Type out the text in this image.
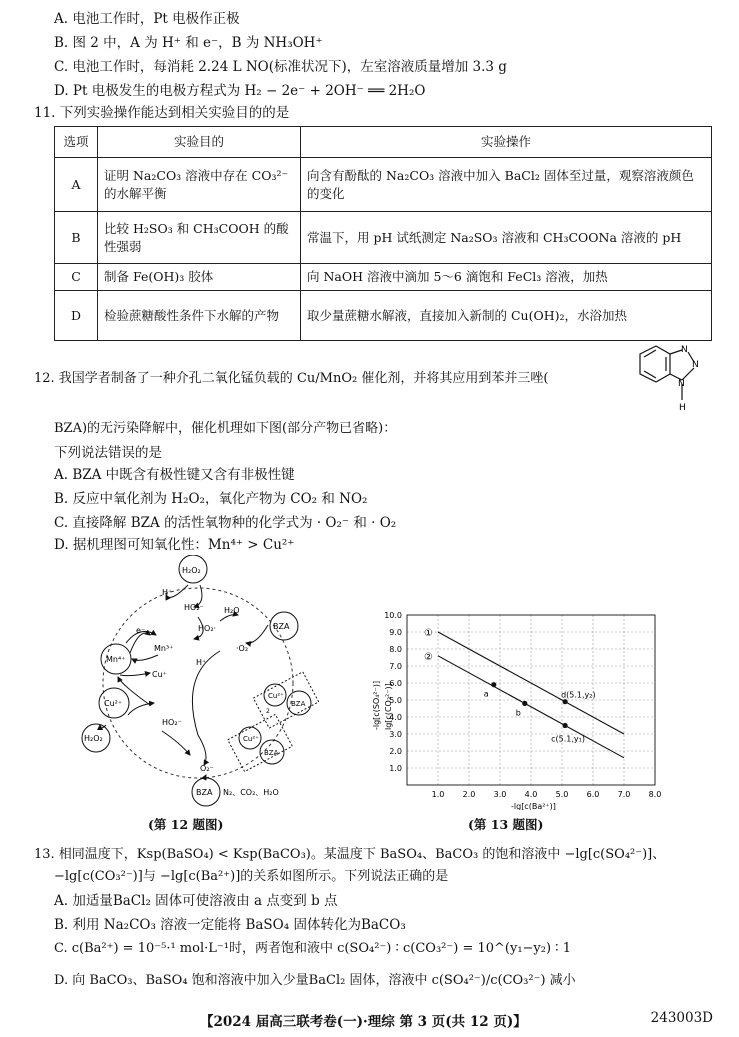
A. 电池工作时，Pt 电极作正极
B. 图 2 中，A 为 H⁺ 和 e⁻，B 为 NH₃OH⁺
C. 电池工作时，每消耗 2.24 L NO(标准状况下)，左室溶液质量增加 3.3 g
D. Pt 电极发生的电极方程式为 H₂ − 2e⁻ + 2OH⁻ ══ 2H₂O
11. 下列实验操作能达到相关实验目的的是
选项	实验目的	实验操作
A	证明 Na₂CO₃ 溶液中存在 CO₃²⁻ 的水解平衡	向含有酚酞的 Na₂CO₃ 溶液中加入 BaCl₂ 固体至过量，观察溶液颜色的变化
B	比较 H₂SO₃ 和 CH₃COOH 的酸性强弱	常温下，用 pH 试纸测定 Na₂SO₃ 溶液和 CH₃COONa 溶液的 pH
C	制备 Fe(OH)₃ 胶体	向 NaOH 溶液中滴加 5～6 滴饱和 FeCl₃ 溶液，加热
D	检验蔗糖酸性条件下水解的产物	取少量蔗糖水解液，直接加入新制的 Cu(OH)₂，水浴加热
12. 我国学者制备了一种介孔二氧化锰负载的 Cu/MnO₂ 催化剂，并将其应用到苯并三唑(
N
N
N
H
BZA)的无污染降解中，催化机理如下图(部分产物已省略)：
下列说法错误的是
A. BZA 中既含有极性键又含有非极性键
B. 反应中氧化剂为 H₂O₂，氧化产物为 CO₂ 和 NO₂
C. 直接降解 BZA 的活性氧物种的化学式为 · O₂⁻ 和 · O₂
D. 据机理图可知氧化性：Mn⁴⁺ > Cu²⁺
H₂O₂
H⁺
HO₂⁻	H₂O
HO₂·
·O₂
BZA
e⁻
Mn³⁺
Mn⁴⁺
Cu⁺
H⁺
Cu²⁺
HO₂⁻
H₂O₂
Cu²⁺
BZA
2
Cu²⁺
BZA
O₂⁻
BZA N₂、CO₂、H₂O
(第 12 题图)
1.0
2.0
3.0
4.0
5.0
6.0
7.0
8.0
9.0
10.0
1.0 2.0 3.0 4.0 5.0 6.0 7.0 8.0
①
②
a
b
d(5.1,y₂)
c(5.1,y₁)
-lg[c(SO₄²⁻)] lg[c(CO₃²⁻)]
-lg[c(Ba²⁺)]
(第 13 题图)
13. 相同温度下，Ksp(BaSO₄) < Ksp(BaCO₃)。某温度下 BaSO₄、BaCO₃ 的饱和溶液中 −lg[c(SO₄²⁻)]、
−lg[c(CO₃²⁻)]与 −lg[c(Ba²⁺)]的关系如图所示。下列说法正确的是
A. 加适量BaCl₂ 固体可使溶液由 a 点变到 b 点
B. 利用 Na₂CO₃ 溶液一定能将 BaSO₄ 固体转化为BaCO₃
C. c(Ba²⁺) = 10⁻⁵·¹ mol·L⁻¹时，两者饱和液中 c(SO₄²⁻) ∶ c(CO₃²⁻) = 10^(y₁−y₂) ∶ 1
D. 向 BaCO₃、BaSO₄ 饱和溶液中加入少量BaCl₂ 固体，溶液中 c(SO₄²⁻)/c(CO₃²⁻) 减小
【2024 届高三联考卷(一)·理综 第 3 页(共 12 页)】	243003D
